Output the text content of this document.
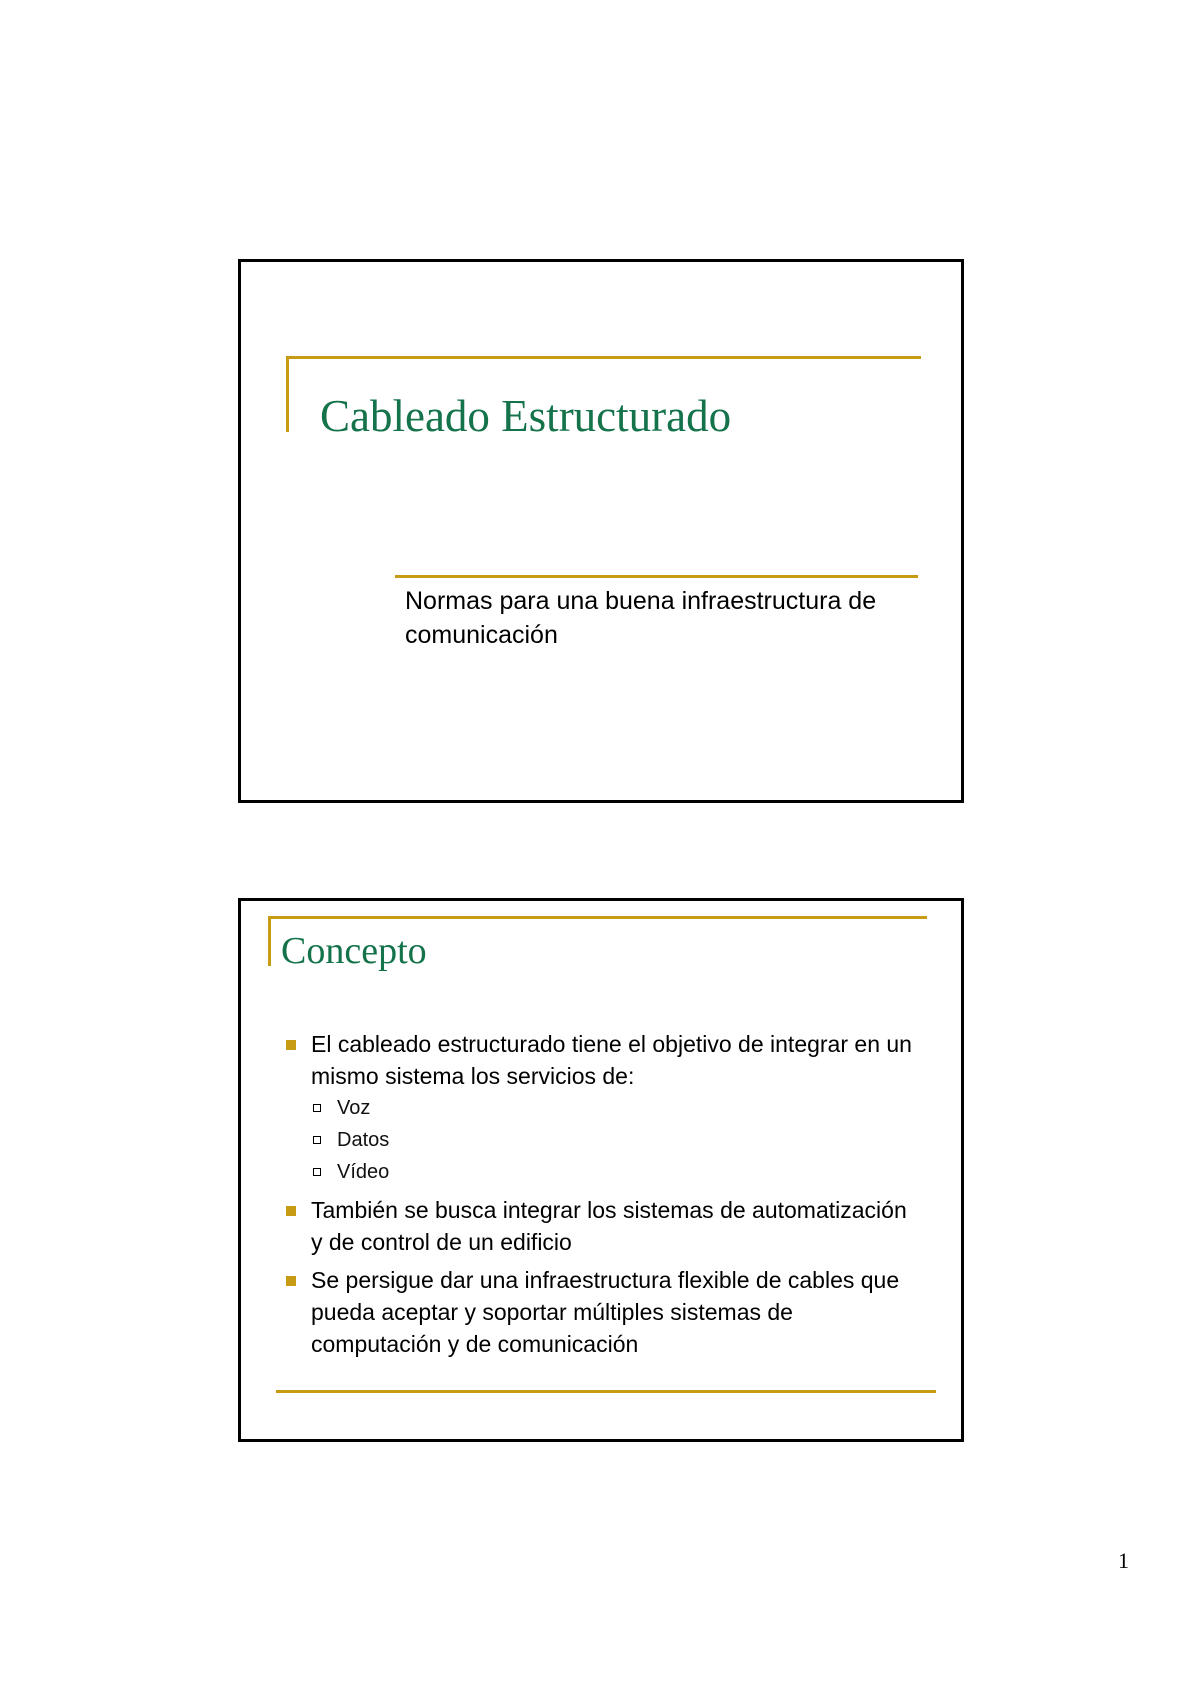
Cableado Estructurado
Normas para una buena infraestructura de comunicación
Concepto
El cableado estructurado tiene el objetivo de integrar en un mismo sistema los servicios de:
Voz
Datos
Vídeo
También se busca integrar los sistemas de automatización y de control de un edificio
Se persigue dar una infraestructura flexible de cables que pueda aceptar y soportar múltiples sistemas de computación y de comunicación
1
